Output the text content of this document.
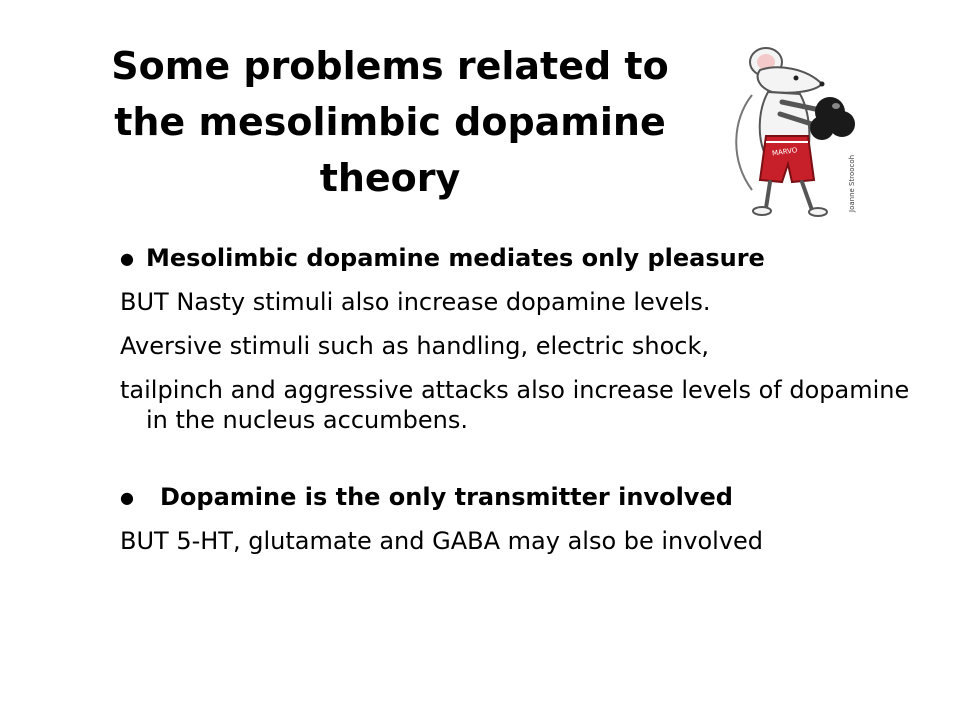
Some problems related to
the mesolimbic dopamine
theory
MARVO
Joanne Stroocoh
● Mesolimbic dopamine mediates only pleasure
BUT Nasty stimuli also increase dopamine levels.
Aversive stimuli such as handling, electric shock,
tailpinch and aggressive attacks also increase levels of dopamine in the nucleus accumbens.
● Dopamine is the only transmitter involved
BUT 5-HT, glutamate and GABA may also be involved
